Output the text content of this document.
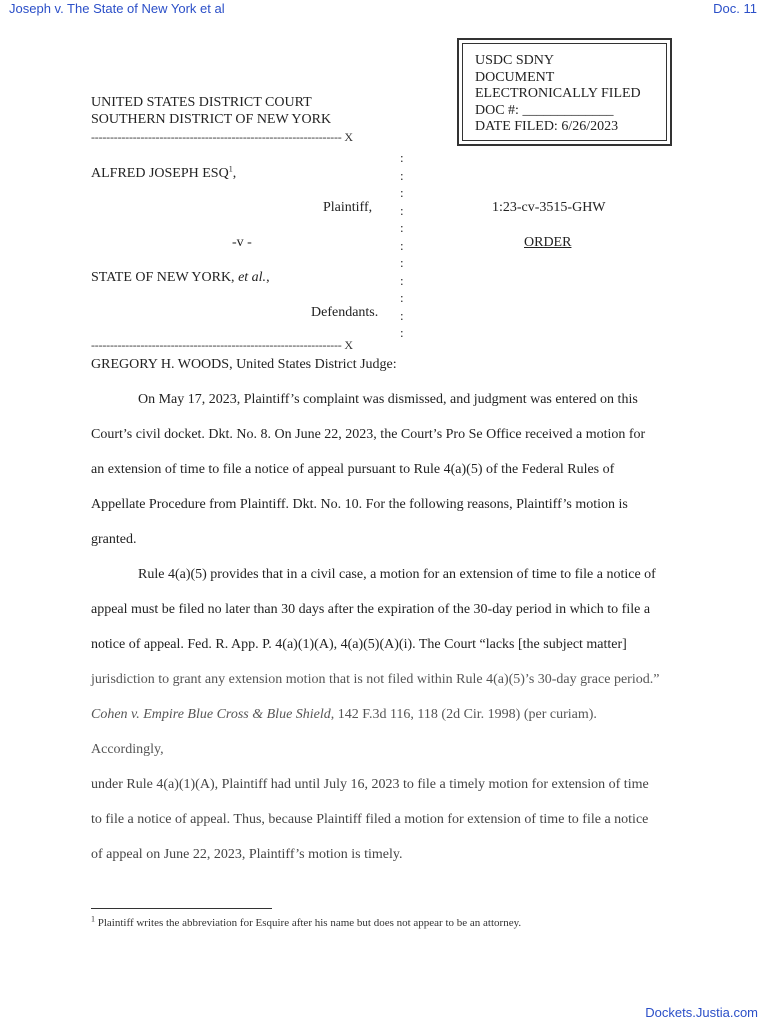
Joseph v. The State of New York et al	Doc. 11
Dockets.Justia.com
USDC SDNY
DOCUMENT
ELECTRONICALLY FILED
DOC #: _____________
DATE FILED: 6/26/2023
UNITED STATES DISTRICT COURT
SOUTHERN DISTRICT OF NEW YORK
------------------------------------------------------------------ X
:
:
:
:
:
:
:
:
:
:
:
ALFRED JOSEPH ESQ$^1$,
Plaintiff,
-v -
STATE OF NEW YORK, et al.,
Defendants.
------------------------------------------------------------------ X
1:23-cv-3515-GHW
ORDER
GREGORY H. WOODS, United States District Judge:
On May 17, 2023, Plaintiff’s complaint was dismissed, and judgment was entered on this
Court’s civil docket. Dkt. No. 8. On June 22, 2023, the Court’s Pro Se Office received a motion for
an extension of time to file a notice of appeal pursuant to Rule 4(a)(5) of the Federal Rules of
Appellate Procedure from Plaintiff. Dkt. No. 10. For the following reasons, Plaintiff’s motion is
granted.
Rule 4(a)(5) provides that in a civil case, a motion for an extension of time to file a notice of
appeal must be filed no later than 30 days after the expiration of the 30-day period in which to file a
notice of appeal. Fed. R. App. P. 4(a)(1)(A), 4(a)(5)(A)(i). The Court “lacks [the subject matter]
jurisdiction to grant any extension motion that is not filed within Rule 4(a)(5)’s 30-day grace period.”
Cohen v. Empire Blue Cross & Blue Shield, 142 F.3d 116, 118 (2d Cir. 1998) (per curiam). Accordingly,
under Rule 4(a)(1)(A), Plaintiff had until July 16, 2023 to file a timely motion for extension of time
to file a notice of appeal. Thus, because Plaintiff filed a motion for extension of time to file a notice
of appeal on June 22, 2023, Plaintiff’s motion is timely.
$^1$ Plaintiff writes the abbreviation for Esquire after his name but does not appear to be an attorney.
